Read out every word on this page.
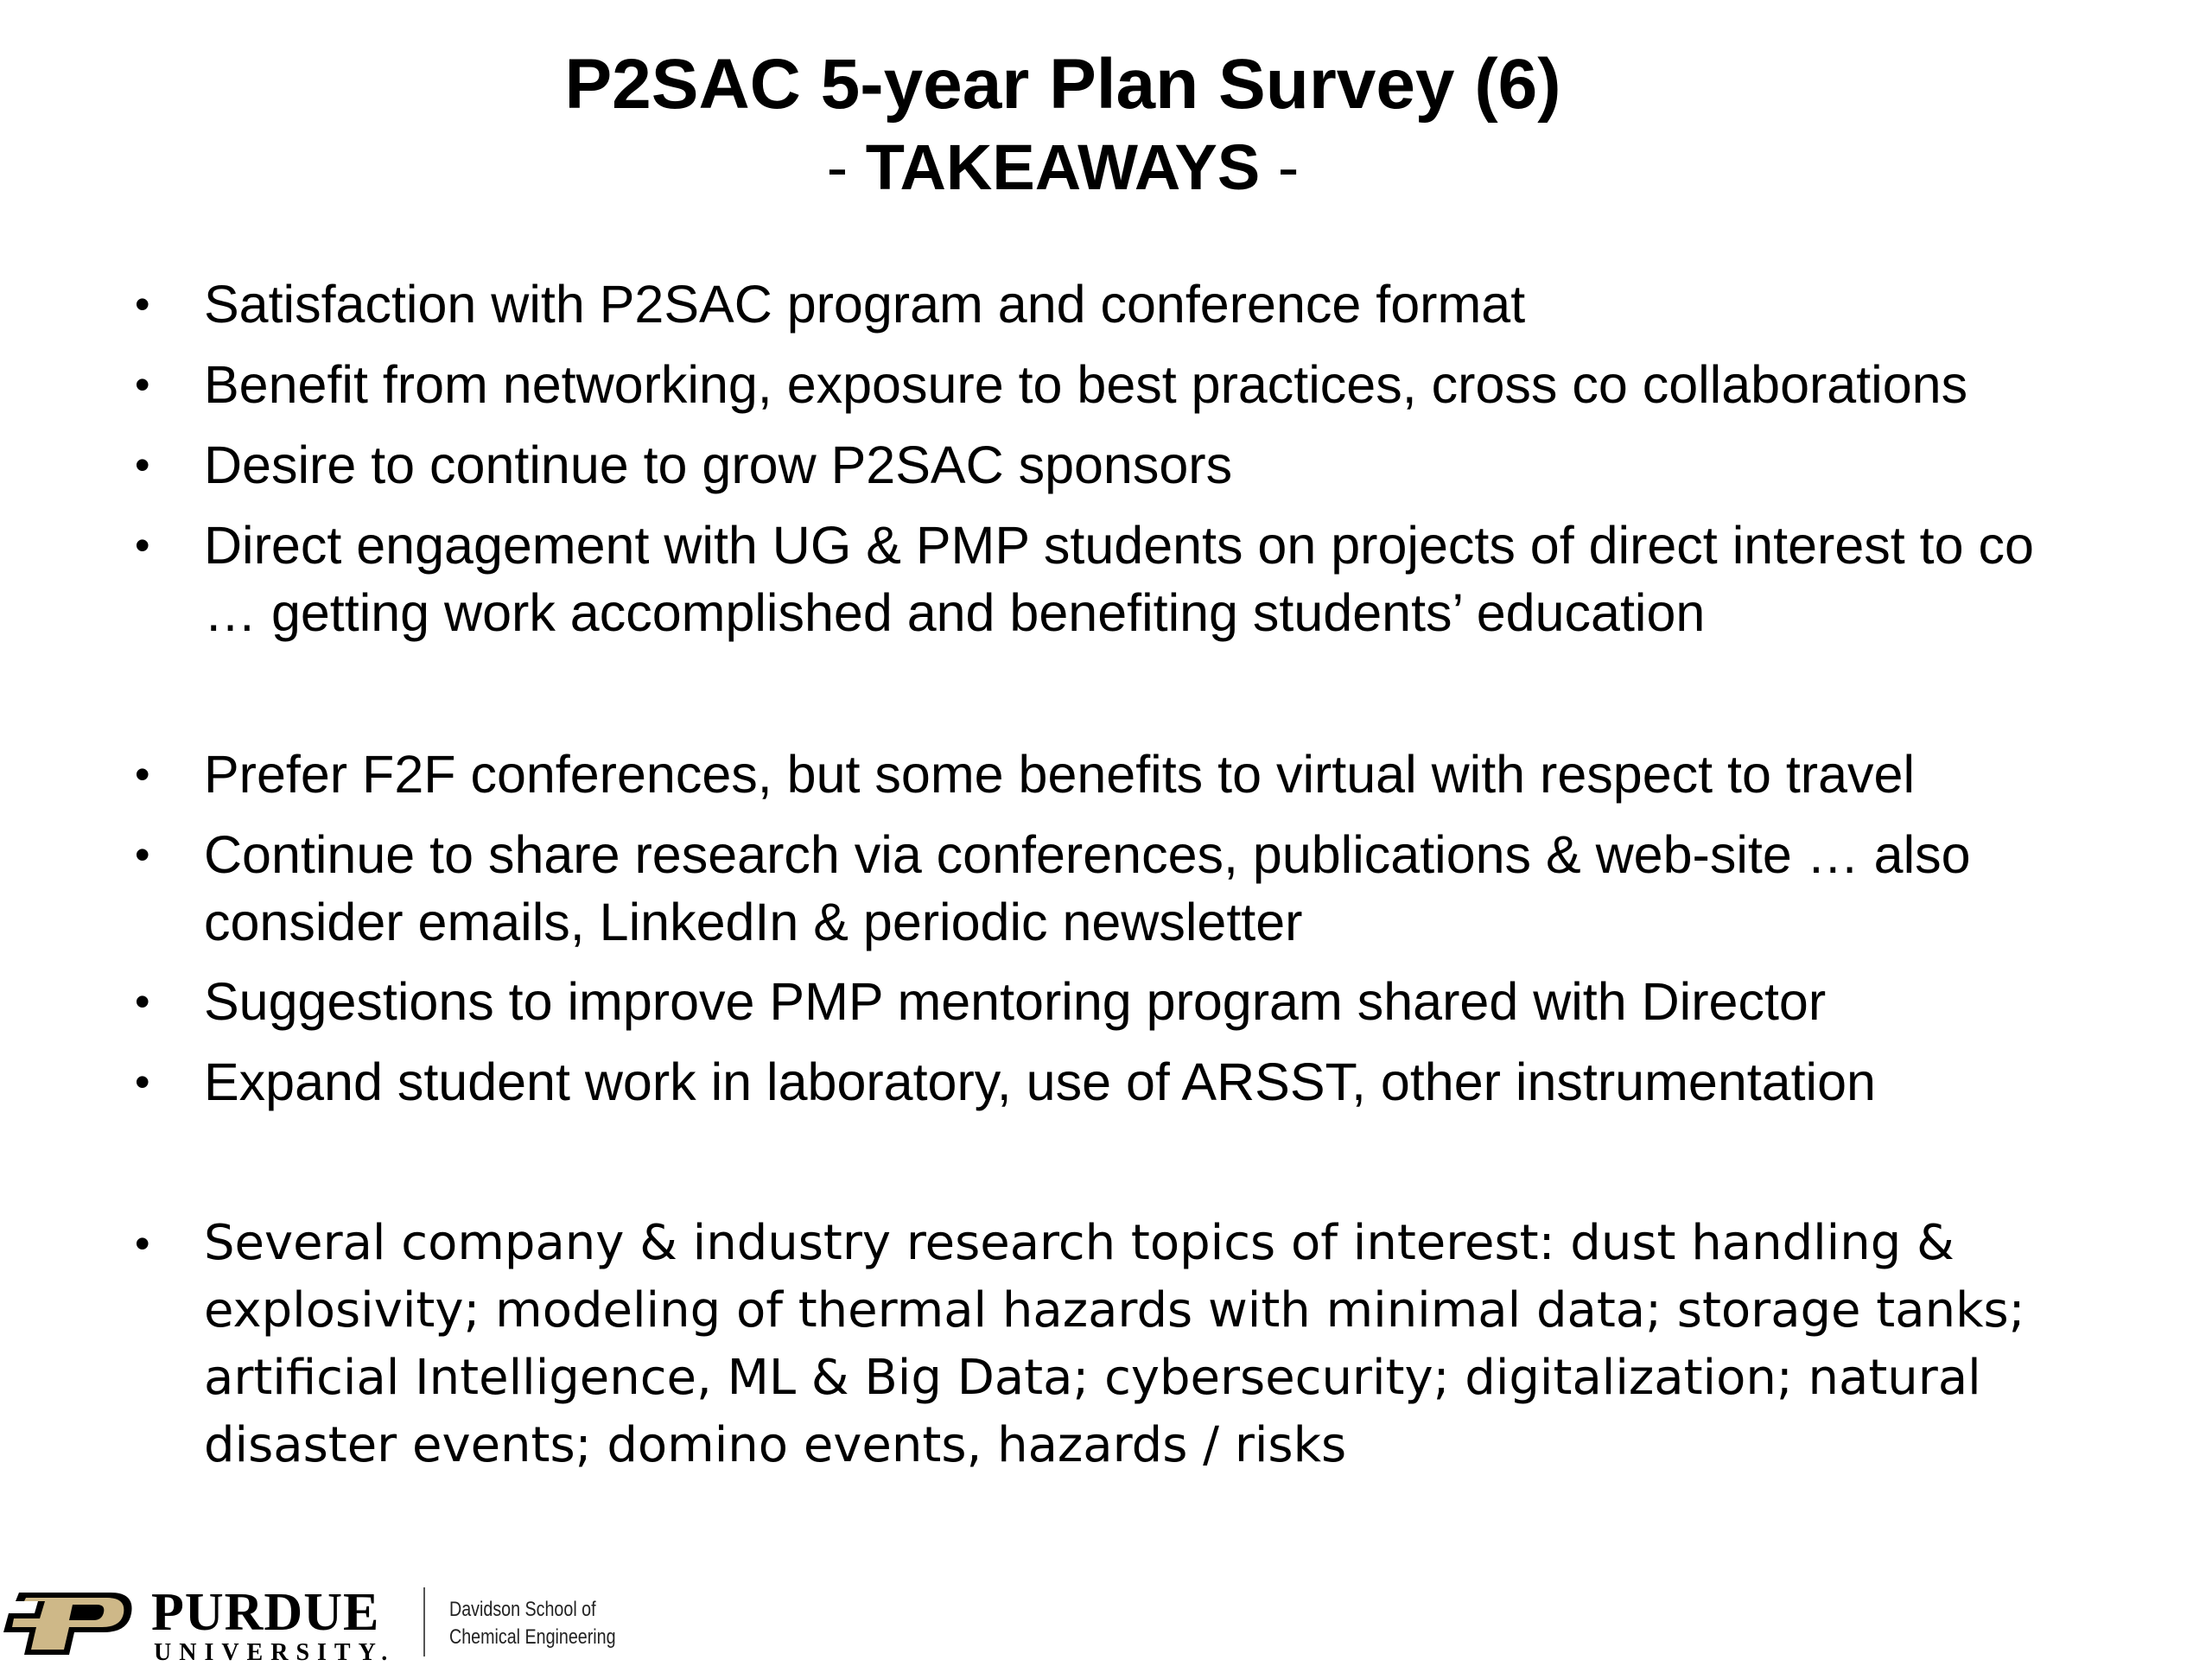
P2SAC 5-year Plan Survey (6)
- TAKEAWAYS -
• Satisfaction with P2SAC program and conference format
• Benefit from networking, exposure to best practices, cross co collaborations
• Desire to continue to grow P2SAC sponsors
• Direct engagement with UG & PMP students on projects of direct interest to co
… getting work accomplished and benefiting students’ education
• Prefer F2F conferences, but some benefits to virtual with respect to travel
• Continue to share research via conferences, publications & web-site … also
consider emails, LinkedIn & periodic newsletter
• Suggestions to improve PMP mentoring program shared with Director
• Expand student work in laboratory, use of ARSST, other instrumentation
• Several company & industry research topics of interest: dust handling &
explosivity; modeling of thermal hazards with minimal data; storage tanks;
artificial Intelligence, ML & Big Data; cybersecurity; digitalization; natural
disaster events; domino events, hazards / risks
PURDUE
UNIVERSITY.
Davidson School of
Chemical Engineering
